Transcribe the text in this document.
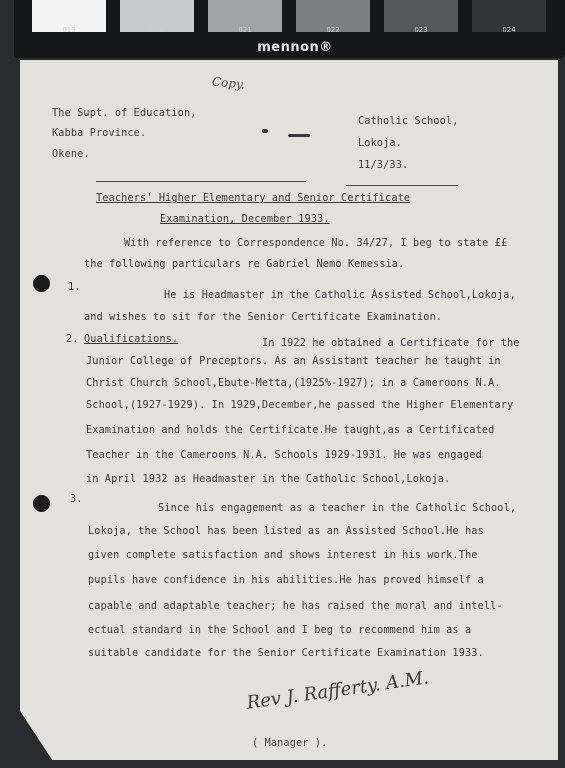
019	020	021	022	023	024
mennon®
Copy.
The Supt. of Education,
Kabba Province.
Okene.
Catholic School,
Lokoja.
11/3/33.
Teachers' Higher Elementary and Senior Certificate
Examination, December 1933.
With reference to Correspondence No. 34/27, I beg to state ££
the following particulars re Gabriel Nemo Kemessia.
1.
He is Headmaster in the Catholic Assisted School,Lokoja,
and wishes to sit for the Senior Certificate Examination.
2. Qualifications.	In 1922 he obtained a Certificate for the
Junior College of Preceptors. As an Assistant teacher he taught in
Christ Church School,Ebute-Metta,(1925%-1927); in a Cameroons N.A.
School,(1927-1929). In 1929,December,he passed the Higher Elementary
Examination and holds the Certificate.He taught,as a Certificated
Teacher in the Cameroons N.A. Schools 1929-1931. He was engaged
in April 1932 as Headmaster in the Catholic School,Lokoja.
3.
Since his engagement as a teacher in the Catholic School,
Lokoja, the School has been listed as an Assisted School.He has
given complete satisfaction and shows interest in his work.The
pupils have confidence in his abilities.He has proved himself a
capable and adaptable teacher; he has raised the moral and intell-
ectual standard in the School and I beg to recommend him as a
suitable candidate for the Senior Certificate Examination 1933.
Rev J. Rafferty. A.M.
( Manager ).
